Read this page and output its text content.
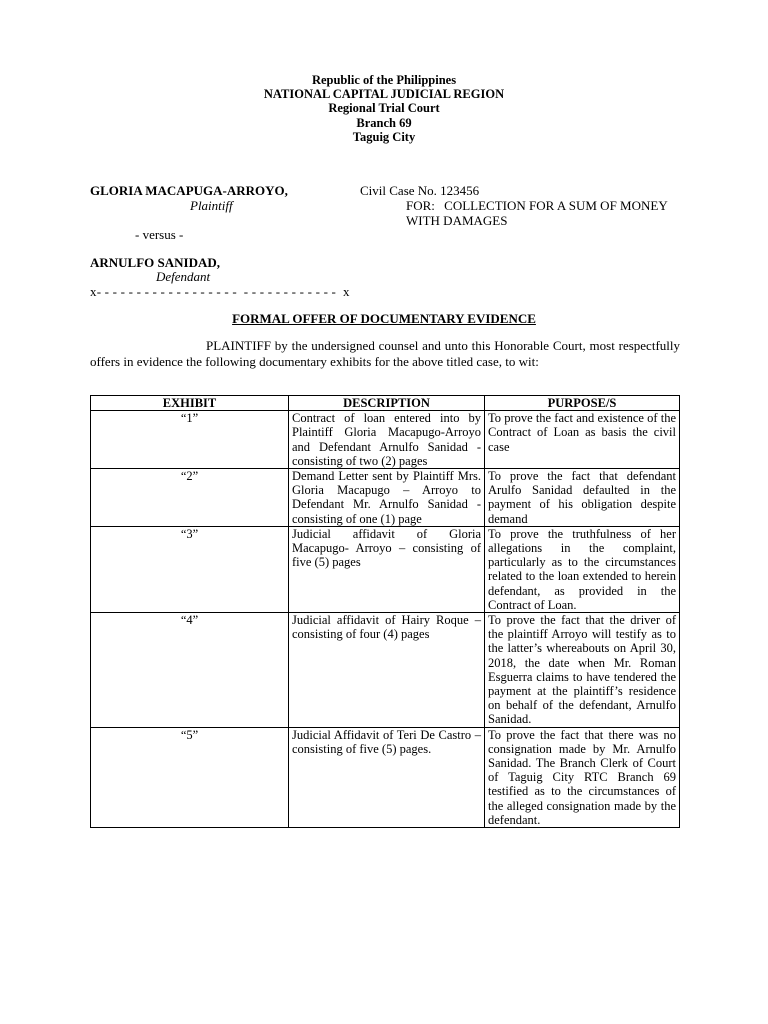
Republic of the Philippines
NATIONAL CAPITAL JUDICIAL REGION
Regional Trial Court
Branch 69
Taguig City
GLORIA MACAPUGA-ARROYO,
Plaintiff
Civil Case No. 123456
FOR: COLLECTION FOR A SUM OF MONEY WITH DAMAGES
- versus -
ARNULFO SANIDAD,
Defendant
x- - - - - - - - - - - - - - - - - -  - - - - - - - - - - - -  x
FORMAL OFFER OF DOCUMENTARY EVIDENCE
PLAINTIFF by the undersigned counsel and unto this Honorable Court, most respectfully offers in evidence the following documentary exhibits for the above titled case, to wit:
EXHIBIT	DESCRIPTION	PURPOSE/S
“1”	Contract of loan entered into by Plaintiff Gloria Macapugo-Arroyo and Defendant Arnulfo Sanidad - consisting of two (2) pages	To prove the fact and existence of the Contract of Loan as basis the civil case
“2”	Demand Letter sent by Plaintiff Mrs. Gloria Macapugo – Arroyo to Defendant Mr. Arnulfo Sanidad - consisting of one (1) page	To prove the fact that defendant Arulfo Sanidad defaulted in the payment of his obligation despite demand
“3”	Judicial affidavit of Gloria Macapugo- Arroyo – consisting of five (5) pages	To prove the truthfulness of her allegations in the complaint, particularly as to the circumstances related to the loan extended to herein defendant, as provided in the Contract of Loan.
“4”	Judicial affidavit of Hairy Roque – consisting of four (4) pages	To prove the fact that the driver of the plaintiff Arroyo will testify as to the latter’s whereabouts on April 30, 2018, the date when Mr. Roman Esguerra claims to have tendered the payment at the plaintiff’s residence on behalf of the defendant, Arnulfo Sanidad.
“5”	Judicial Affidavit of Teri De Castro – consisting of five (5) pages.	To prove the fact that there was no consignation made by Mr. Arnulfo Sanidad. The Branch Clerk of Court of Taguig City RTC Branch 69 testified as to the circumstances of the alleged consignation made by the defendant.
